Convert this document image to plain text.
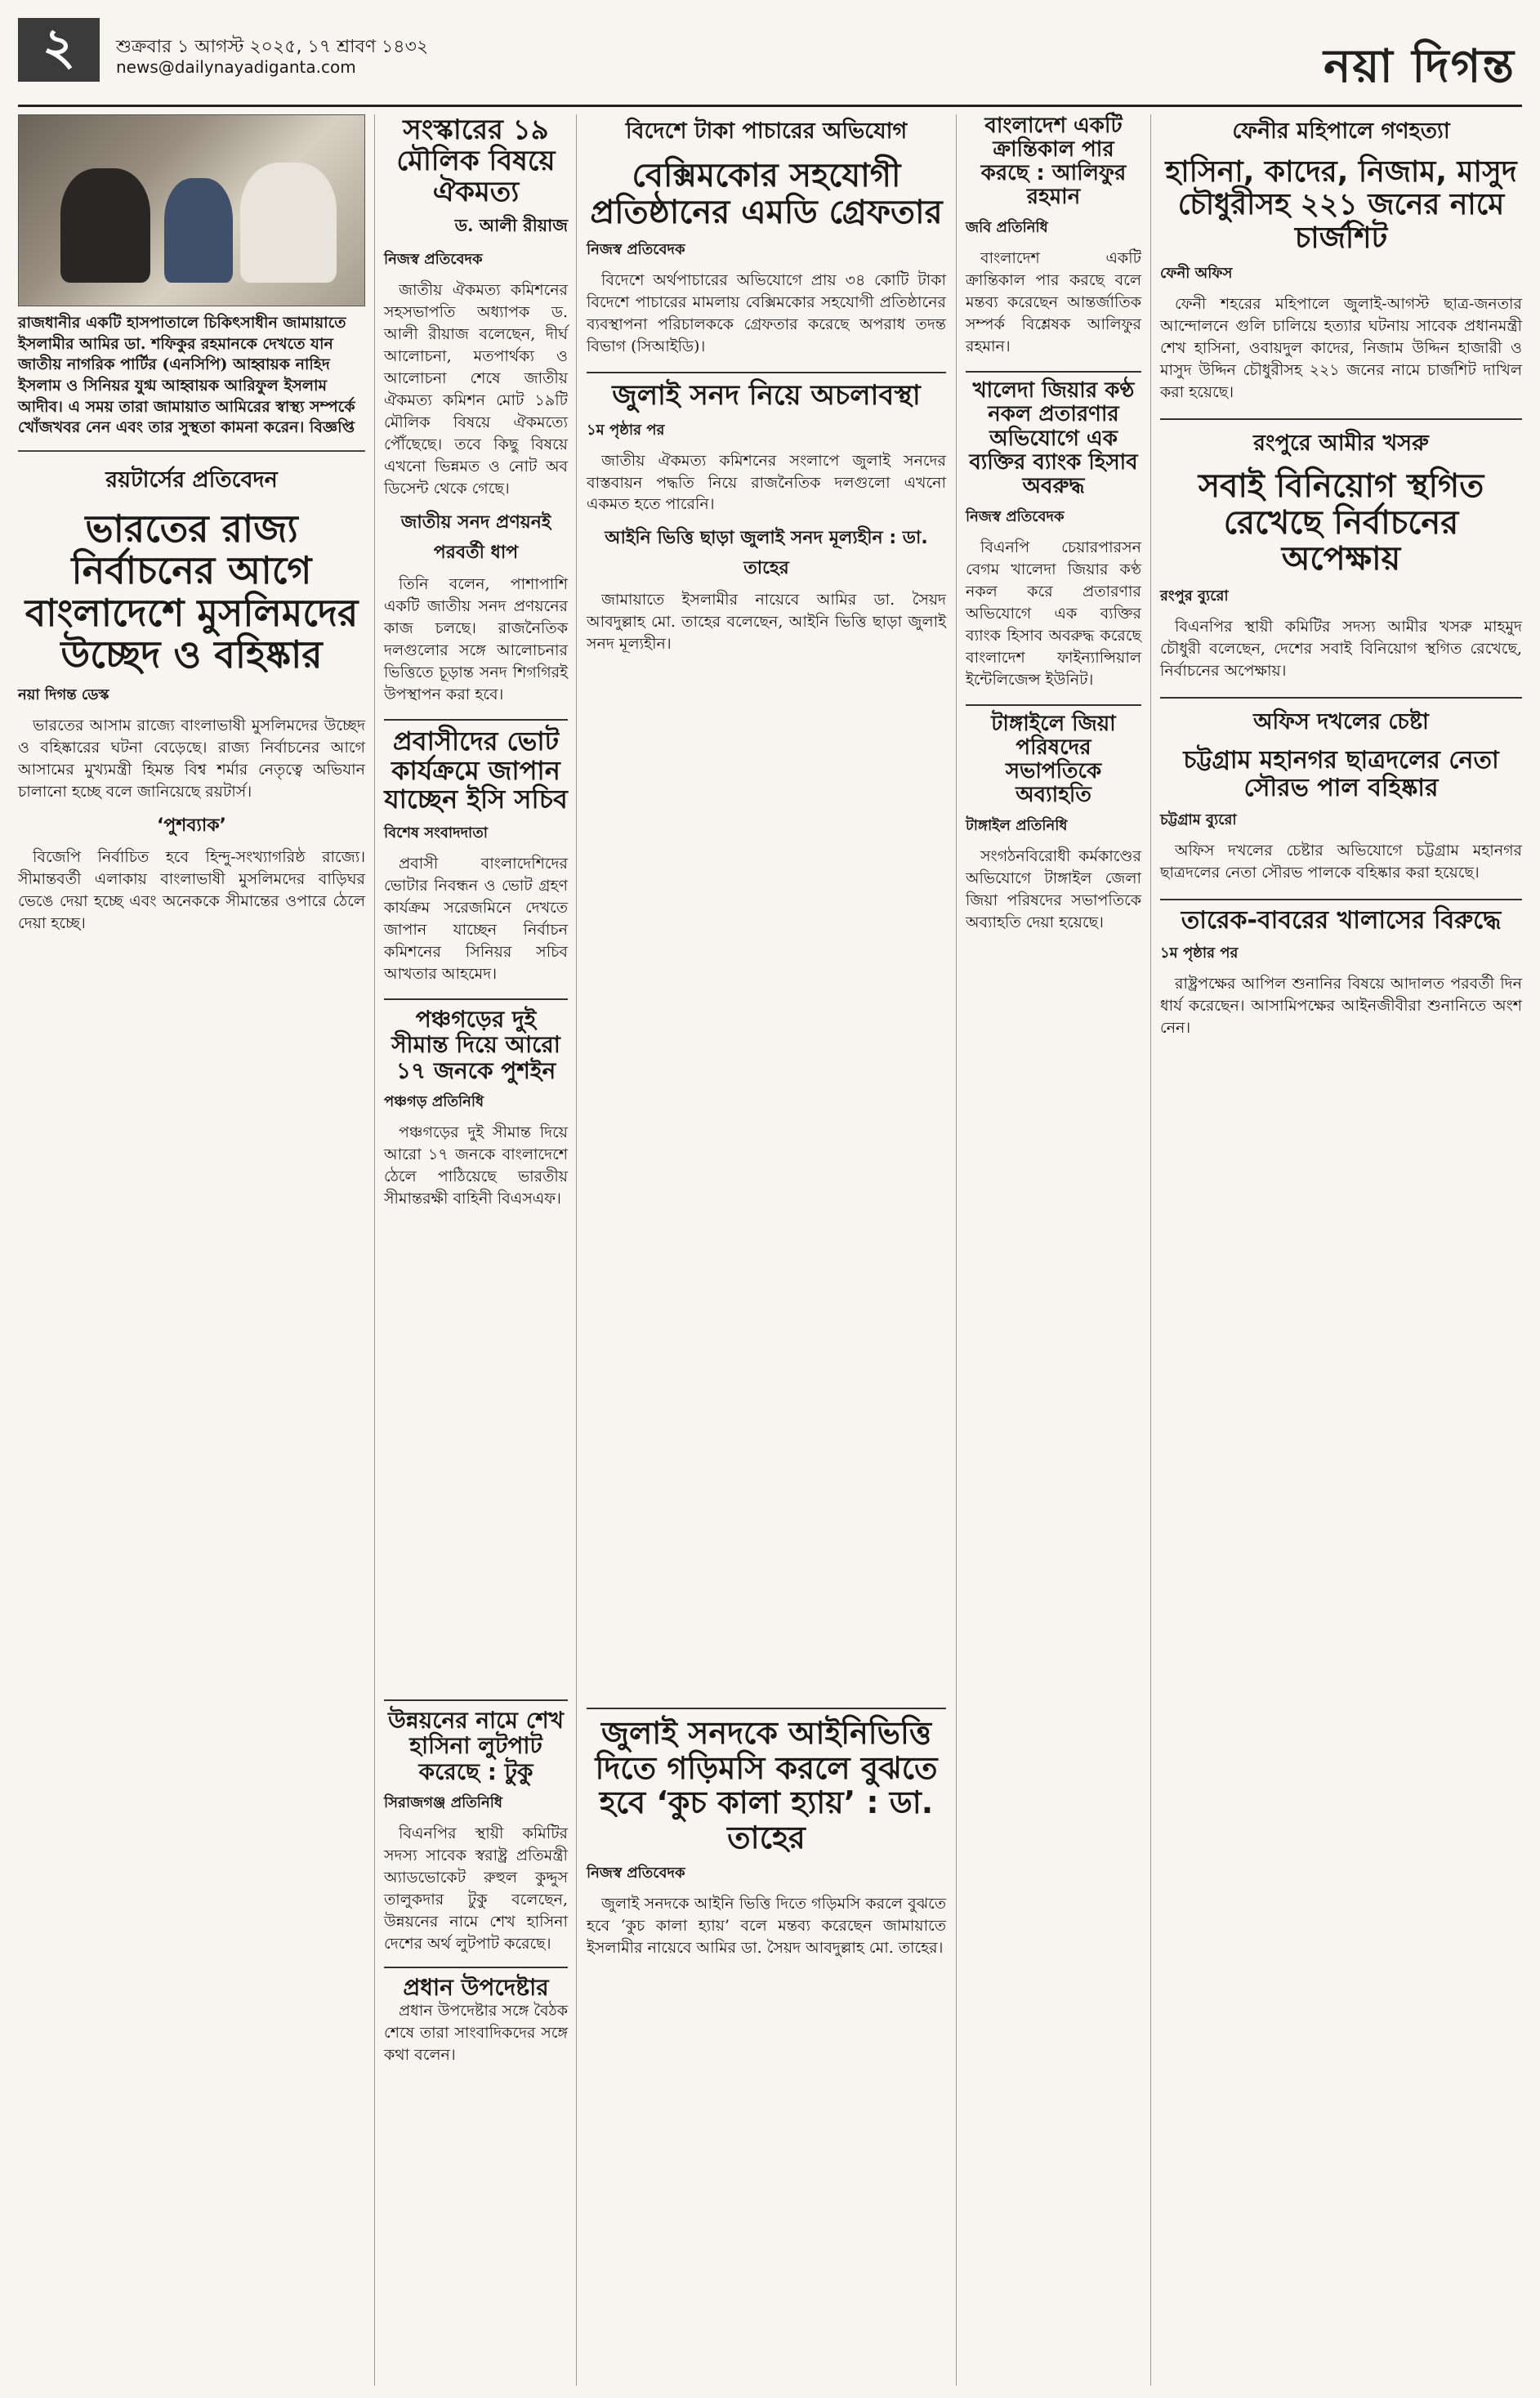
২	শুক্রবার ১ আগস্ট ২০২৫, ১৭ শ্রাবণ ১৪৩২
news@dailynayadiganta.com	নয়া দিগন্ত
রাজধানীর একটি হাসপাতালে চিকিৎসাধীন জামায়াতে ইসলামীর আমির ডা. শফিকুর রহমানকে দেখতে যান জাতীয় নাগরিক পার্টির (এনসিপি) আহ্বায়ক নাহিদ ইসলাম ও সিনিয়র যুগ্ম আহ্বায়ক আরিফুল ইসলাম আদীব। এ সময় তারা জামায়াত আমিরের স্বাস্থ্য সম্পর্কে খোঁজখবর নেন এবং তার সুস্থতা কামনা করেন। বিজ্ঞপ্তি
রয়টার্সের প্রতিবেদন
ভারতের রাজ্য নির্বাচনের আগে বাংলাদেশে মুসলিমদের উচ্ছেদ ও বহিষ্কার
নয়া দিগন্ত ডেস্ক

ভারতের আসাম রাজ্যে বাংলাভাষী মুসলিমদের উচ্ছেদ ও বহিষ্কারের ঘটনা বেড়েছে। রাজ্য নির্বাচনের আগে আসামের মুখ্যমন্ত্রী হিমন্ত বিশ্ব শর্মার নেতৃত্বে অভিযান চালানো হচ্ছে বলে জানিয়েছে রয়টার্স।

‘পুশব্যাক’

বিজেপি নির্বাচিত হবে হিন্দু-সংখ্যাগরিষ্ঠ রাজ্যে। সীমান্তবর্তী এলাকায় বাংলাভাষী মুসলিমদের বাড়িঘর ভেঙে দেয়া হচ্ছে এবং অনেককে সীমান্তের ওপারে ঠেলে দেয়া হচ্ছে।

সংস্কারের ১৯ মৌলিক বিষয়ে ঐকমত্য
ড. আলী রীয়াজ
নিজস্ব প্রতিবেদক

জাতীয় ঐকমত্য কমিশনের সহসভাপতি অধ্যাপক ড. আলী রীয়াজ বলেছেন, দীর্ঘ আলোচনা, মতপার্থক্য ও আলোচনা শেষে জাতীয় ঐকমত্য কমিশন মোট ১৯টি মৌলিক বিষয়ে ঐকমত্যে পৌঁছেছে। তবে কিছু বিষয়ে এখনো ভিন্নমত ও নোট অব ডিসেন্ট থেকে গেছে।

জাতীয় সনদ প্রণয়নই পরবর্তী ধাপ

তিনি বলেন, পাশাপাশি একটি জাতীয় সনদ প্রণয়নের কাজ চলছে। রাজনৈতিক দলগুলোর সঙ্গে আলোচনার ভিত্তিতে চূড়ান্ত সনদ শিগগিরই উপস্থাপন করা হবে।

প্রবাসীদের ভোট কার্যক্রমে জাপান যাচ্ছেন ইসি সচিব
বিশেষ সংবাদদাতা

প্রবাসী বাংলাদেশিদের ভোটার নিবন্ধন ও ভোট গ্রহণ কার্যক্রম সরেজমিনে দেখতে জাপান যাচ্ছেন নির্বাচন কমিশনের সিনিয়র সচিব আখতার আহমেদ।

পঞ্চগড়ের দুই সীমান্ত দিয়ে আরো ১৭ জনকে পুশইন
পঞ্চগড় প্রতিনিধি

পঞ্চগড়ের দুই সীমান্ত দিয়ে আরো ১৭ জনকে বাংলাদেশে ঠেলে পাঠিয়েছে ভারতীয় সীমান্তরক্ষী বাহিনী বিএসএফ।

উন্নয়নের নামে শেখ হাসিনা লুটপাট করেছে : টুকু
সিরাজগঞ্জ প্রতিনিধি

বিএনপির স্থায়ী কমিটির সদস্য সাবেক স্বরাষ্ট্র প্রতিমন্ত্রী অ্যাডভোকেট রুহুল কুদ্দুস তালুকদার টুকু বলেছেন, উন্নয়নের নামে শেখ হাসিনা দেশের অর্থ লুটপাট করেছে।

প্রধান উপদেষ্টার

প্রধান উপদেষ্টার সঙ্গে বৈঠক শেষে তারা সাংবাদিকদের সঙ্গে কথা বলেন।

বিদেশে টাকা পাচারের অভিযোগ
বেক্সিমকোর সহযোগী প্রতিষ্ঠানের এমডি গ্রেফতার
নিজস্ব প্রতিবেদক

বিদেশে অর্থপাচারের অভিযোগে প্রায় ৩৪ কোটি টাকা বিদেশে পাচারের মামলায় বেক্সিমকোর সহযোগী প্রতিষ্ঠানের ব্যবস্থাপনা পরিচালককে গ্রেফতার করেছে অপরাধ তদন্ত বিভাগ (সিআইডি)।

জুলাই সনদ নিয়ে অচলাবস্থা
১ম পৃষ্ঠার পর

জাতীয় ঐকমত্য কমিশনের সংলাপে জুলাই সনদের বাস্তবায়ন পদ্ধতি নিয়ে রাজনৈতিক দলগুলো এখনো একমত হতে পারেনি।

আইনি ভিত্তি ছাড়া জুলাই সনদ মূল্যহীন : ডা. তাহের

জামায়াতে ইসলামীর নায়েবে আমির ডা. সৈয়দ আবদুল্লাহ মো. তাহের বলেছেন, আইনি ভিত্তি ছাড়া জুলাই সনদ মূল্যহীন।

জুলাই সনদকে আইনিভিত্তি দিতে গড়িমসি করলে বুঝতে হবে ‘কুচ কালা হ্যায়’ : ডা. তাহের
নিজস্ব প্রতিবেদক

জুলাই সনদকে আইনি ভিত্তি দিতে গড়িমসি করলে বুঝতে হবে ‘কুচ কালা হ্যায়’ বলে মন্তব্য করেছেন জামায়াতে ইসলামীর নায়েবে আমির ডা. সৈয়দ আবদুল্লাহ মো. তাহের।

বাংলাদেশ একটি ক্রান্তিকাল পার করছে : আলিফুর রহমান
জবি প্রতিনিধি

বাংলাদেশ একটি ক্রান্তিকাল পার করছে বলে মন্তব্য করেছেন আন্তর্জাতিক সম্পর্ক বিশ্লেষক আলিফুর রহমান।

খালেদা জিয়ার কণ্ঠ নকল প্রতারণার অভিযোগে এক ব্যক্তির ব্যাংক হিসাব অবরুদ্ধ
নিজস্ব প্রতিবেদক

বিএনপি চেয়ারপারসন বেগম খালেদা জিয়ার কণ্ঠ নকল করে প্রতারণার অভিযোগে এক ব্যক্তির ব্যাংক হিসাব অবরুদ্ধ করেছে বাংলাদেশ ফাইন্যান্সিয়াল ইন্টেলিজেন্স ইউনিট।

টাঙ্গাইলে জিয়া পরিষদের সভাপতিকে অব্যাহতি
টাঙ্গাইল প্রতিনিধি

সংগঠনবিরোধী কর্মকাণ্ডের অভিযোগে টাঙ্গাইল জেলা জিয়া পরিষদের সভাপতিকে অব্যাহতি দেয়া হয়েছে।

ফেনীর মহিপালে গণহত্যা
হাসিনা, কাদের, নিজাম, মাসুদ চৌধুরীসহ ২২১ জনের নামে চার্জশিট
ফেনী অফিস

ফেনী শহরের মহিপালে জুলাই-আগস্ট ছাত্র-জনতার আন্দোলনে গুলি চালিয়ে হত্যার ঘটনায় সাবেক প্রধানমন্ত্রী শেখ হাসিনা, ওবায়দুল কাদের, নিজাম উদ্দিন হাজারী ও মাসুদ উদ্দিন চৌধুরীসহ ২২১ জনের নামে চার্জশিট দাখিল করা হয়েছে।

রংপুরে আমীর খসরু
সবাই বিনিয়োগ স্থগিত রেখেছে নির্বাচনের অপেক্ষায়
রংপুর ব্যুরো

বিএনপির স্থায়ী কমিটির সদস্য আমীর খসরু মাহমুদ চৌধুরী বলেছেন, দেশের সবাই বিনিয়োগ স্থগিত রেখেছে, নির্বাচনের অপেক্ষায়।

অফিস দখলের চেষ্টা
চট্টগ্রাম মহানগর ছাত্রদলের নেতা সৌরভ পাল বহিষ্কার
চট্টগ্রাম ব্যুরো

অফিস দখলের চেষ্টার অভিযোগে চট্টগ্রাম মহানগর ছাত্রদলের নেতা সৌরভ পালকে বহিষ্কার করা হয়েছে।

তারেক-বাবরের খালাসের বিরুদ্ধে
১ম পৃষ্ঠার পর

রাষ্ট্রপক্ষের আপিল শুনানির বিষয়ে আদালত পরবর্তী দিন ধার্য করেছেন। আসামিপক্ষের আইনজীবীরা শুনানিতে অংশ নেন।
